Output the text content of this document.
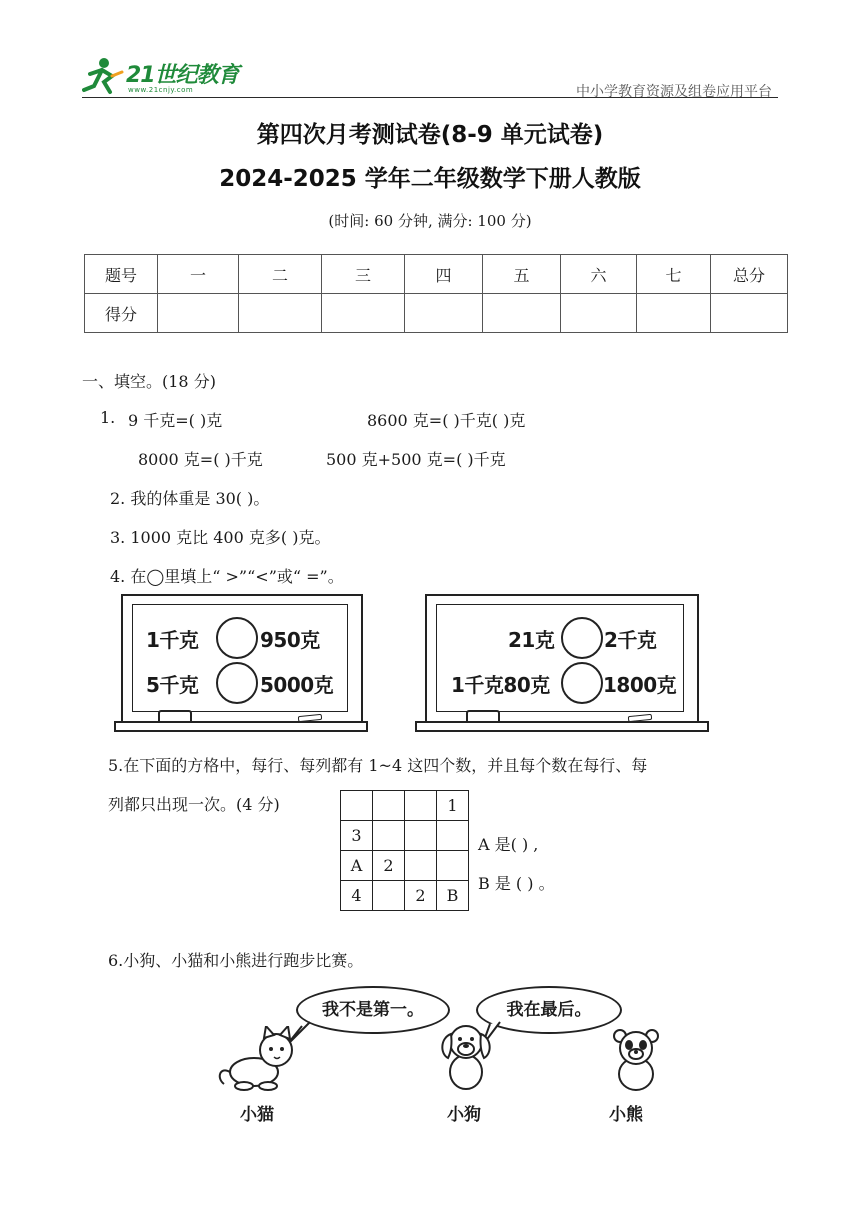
21世纪教育
www.21cnjy.com	中小学教育资源及组卷应用平台
第四次月考测试卷(8-9 单元试卷)
2024-2025 学年二年级数学下册人教版
(时间: 60 分钟, 满分: 100 分)
题号	一	二	三	四	五	六	七	总分
得分								
一、填空。(18 分)
1. 9 千克=( )克	8600 克=( )千克( )克
8000 克=( )千克	500 克+500 克=( )千克
2. 我的体重是 30( )。
3. 1000 克比 400 克多( )克。
4. 在◯里填上“ >”“<”或“ =”。
1千克	950克
5千克	5000克
21克 2千克
1千克80克	1800克
5.在下面的方格中，每行、每列都有 1~4 这四个数，并且每个数在每行、每
列都只出现一次。(4 分)
				1
3			
A	2		
4		2	B
A 是( ) ,
B 是 ( ) 。
6.小狗、小猫和小熊进行跑步比赛。
我不是第一。	我在最后。
小猫	小狗	小熊
